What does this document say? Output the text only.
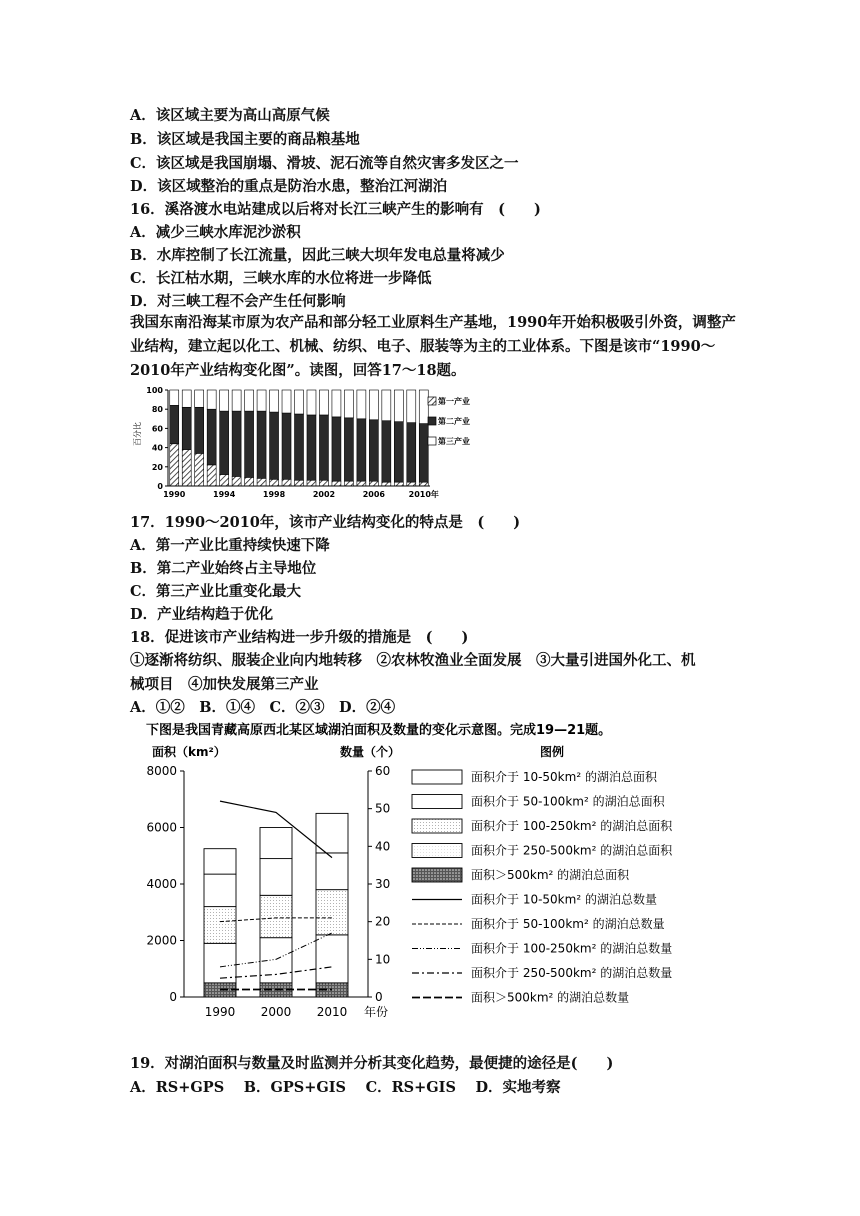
A．该区域主要为高山高原气候
B．该区域是我国主要的商品粮基地
C．该区域是我国崩塌、滑坡、泥石流等自然灾害多发区之一
D．该区域整治的重点是防治水患，整治江河湖泊
16．溪洛渡水电站建成以后将对长江三峡产生的影响有　(　　)
A．减少三峡水库泥沙淤积
B．水库控制了长江流量，因此三峡大坝年发电总量将减少
C．长江枯水期，三峡水库的水位将进一步降低
D．对三峡工程不会产生任何影响
我国东南沿海某市原为农产品和部分轻工业原料生产基地，1990年开始积极吸引外资，调整产业结构，建立起以化工、机械、纺织、电子、服装等为主的工业体系。下图是该市“1990～2010年产业结构变化图”。读图，回答17～18题。
百分比
0
20
40
60
80
100
1990	1994	1998	2002	2006	2010年
第一产业
第二产业
第三产业
17．1990～2010年，该市产业结构变化的特点是　(　　)
A．第一产业比重持续快速下降
B．第二产业始终占主导地位
C．第三产业比重变化最大
D．产业结构趋于优化
18．促进该市产业结构进一步升级的措施是　(　　)
①逐渐将纺织、服装企业向内地转移　②农林牧渔业全面发展　③大量引进国外化工、机
械项目　④加快发展第三产业
A．①②　B．①④　C．②③　D．②④
下图是我国青藏高原西北某区域湖泊面积及数量的变化示意图。完成19—21题。
面积（km²）	数量（个）	图例
0
2000
4000
6000
8000
0
10
20
30
40
50
60
1990 2000 2010 年份
面积介于 10-50km² 的湖泊总面积
面积介于 50-100km² 的湖泊总面积
面积介于 100-250km² 的湖泊总面积
面积介于 250-500km² 的湖泊总面积
面积＞500km² 的湖泊总面积
面积介于 10-50km² 的湖泊总数量
面积介于 50-100km² 的湖泊总数量
面积介于 100-250km² 的湖泊总数量
面积介于 250-500km² 的湖泊总数量
面积＞500km² 的湖泊总数量
19．对湖泊面积与数量及时监测并分析其变化趋势，最便捷的途径是(　　)
A．RS+GPS　 B．GPS+GIS　 C．RS+GIS　 D．实地考察
